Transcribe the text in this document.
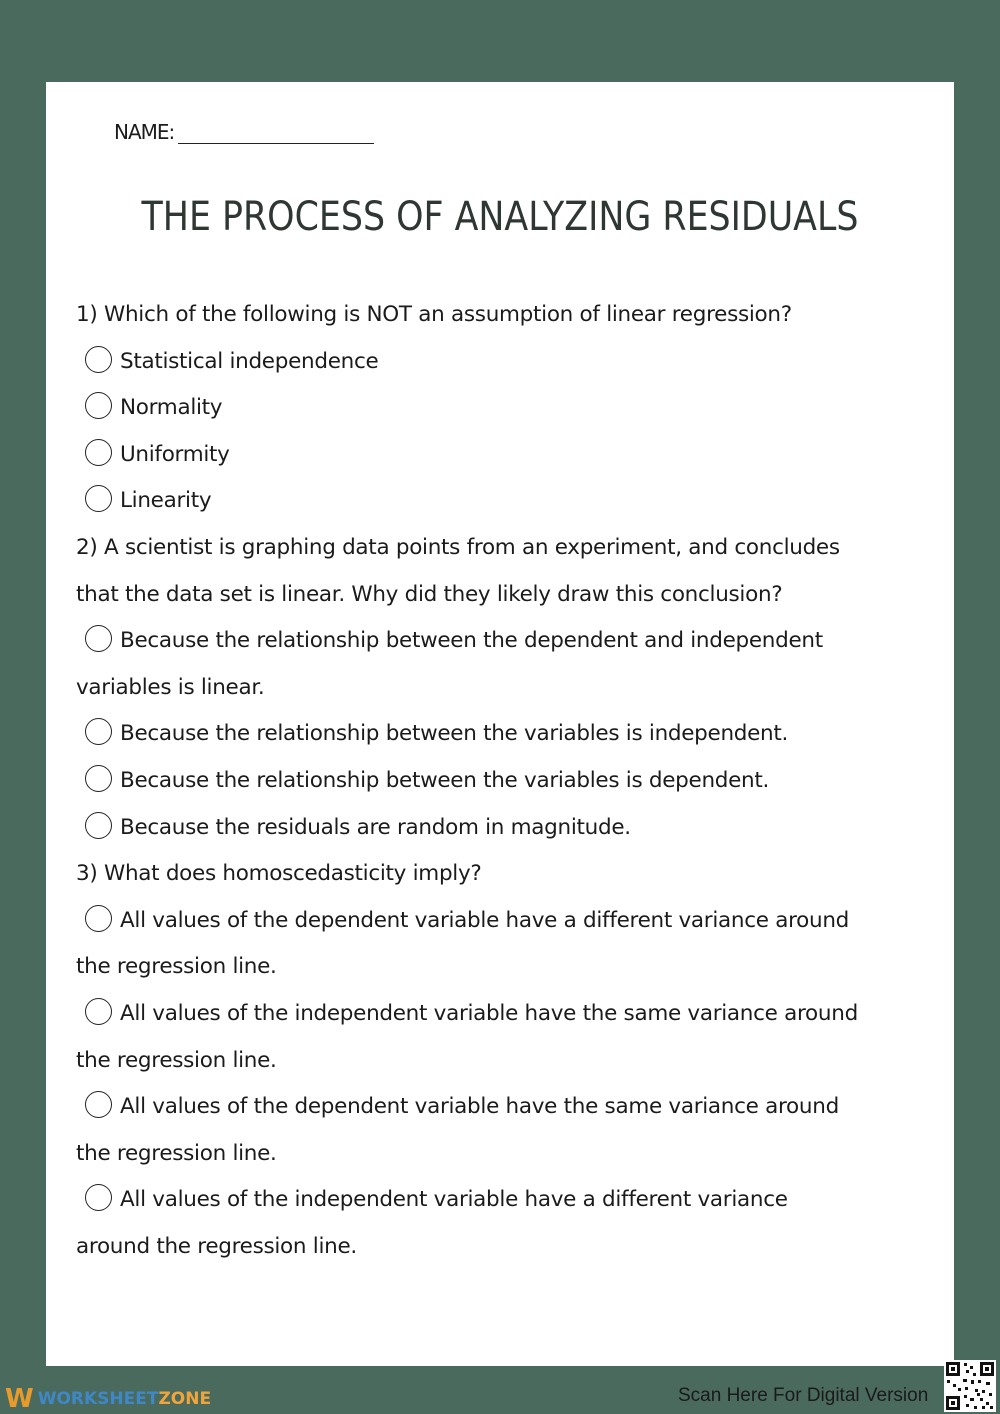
NAME:
THE PROCESS OF ANALYZING RESIDUALS
1) Which of the following is NOT an assumption of linear regression?
Statistical independence
Normality
Uniformity
Linearity
2) A scientist is graphing data points from an experiment, and concludes
that the data set is linear. Why did they likely draw this conclusion?
Because the relationship between the dependent and independent
variables is linear.
Because the relationship between the variables is independent.
Because the relationship between the variables is dependent.
Because the residuals are random in magnitude.
3) What does homoscedasticity imply?
All values of the dependent variable have a different variance around
the regression line.
All values of the independent variable have the same variance around
the regression line.
All values of the dependent variable have the same variance around
the regression line.
All values of the independent variable have a different variance
around the regression line.
W WORKSHEET ZONE	Scan Here For Digital Version
